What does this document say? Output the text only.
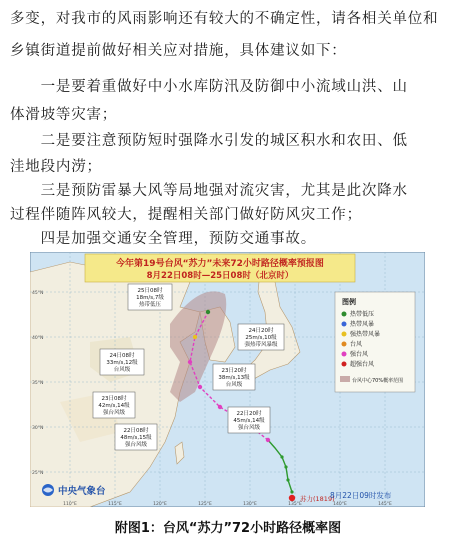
多变，对我市的风雨影响还有较大的不确定性，请各相关单位和
乡镇街道提前做好相关应对措施，具体建议如下：
　　一是要着重做好中小水库防汛及防御中小流域山洪、山
体滑坡等灾害；
　　二是要注意预防短时强降水引发的城区积水和农田、低
洼地段内涝；
　　三是预防雷暴大风等局地强对流灾害，尤其是此次降水
过程伴随阵风较大，提醒相关部门做好防风灾工作；
　　四是加强交通安全管理，预防交通事故。
今年第19号台风“苏力”未来72小时路径概率预报图
8月22日08时—25日08时（北京时）
苏力(1819)
25日08时
18m/s,7级
热带低压
24日20时
25m/s,10级
强热带风暴级
24日08时
33m/s,12级
台风级	23日20时
38m/s,13级
台风级
23日08时
42m/s,14级
强台风级	22日20时
45m/s,14级
强台风级
22日08时
48m/s,15级
强台风级
图例
热带低压
热带风暴
强热带风暴
台风
强台风
超强台风
台风中心70%概率范围
中央气象台	8月22日09时发布
110°E	115°E	120°E	125°E	130°E	135°E	140°E	145°E
45°N
40°N
35°N
30°N
25°N
附图1：台风“苏力”72小时路径概率图
